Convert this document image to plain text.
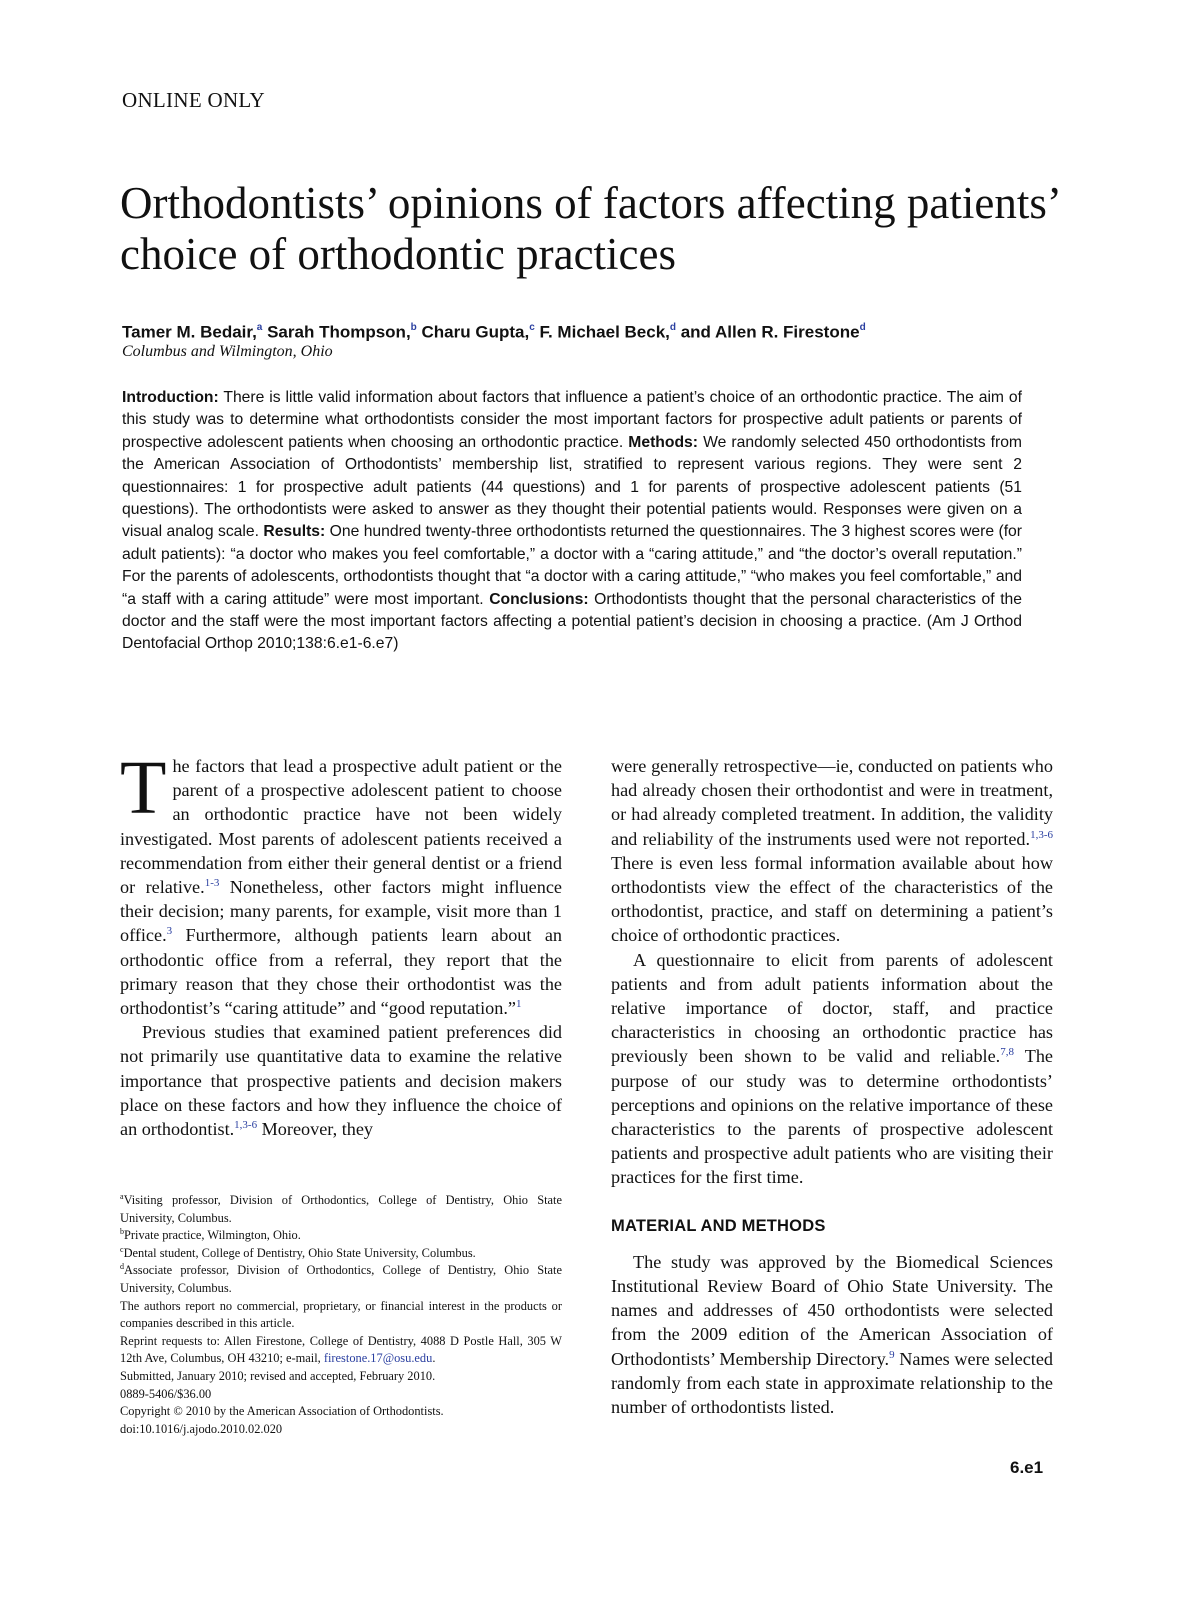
ONLINE ONLY
Orthodontists’ opinions of factors affecting patients’ choice of orthodontic practices
Tamer M. Bedair,$^a$ Sarah Thompson,$^b$ Charu Gupta,$^c$ F. Michael Beck,$^d$ and Allen R. Firestone$^d$
Columbus and Wilmington, Ohio

Introduction: There is little valid information about factors that influence a patient’s choice of an orthodontic practice. The aim of this study was to determine what orthodontists consider the most important factors for prospective adult patients or parents of prospective adolescent patients when choosing an orthodontic practice. Methods: We randomly selected 450 orthodontists from the American Association of Orthodontists’ membership list, stratified to represent various regions. They were sent 2 questionnaires: 1 for prospective adult patients (44 questions) and 1 for parents of prospective adolescent patients (51 questions). The orthodontists were asked to answer as they thought their potential patients would. Responses were given on a visual analog scale. Results: One hundred twenty-three orthodontists returned the questionnaires. The 3 highest scores were (for adult patients): “a doctor who makes you feel comfortable,” a doctor with a “caring attitude,” and “the doctor’s overall reputation.” For the parents of adolescents, orthodontists thought that “a doctor with a caring attitude,” “who makes you feel comfortable,” and “a staff with a caring attitude” were most important. Conclusions: Orthodontists thought that the personal characteristics of the doctor and the staff were the most important factors affecting a potential patient’s decision in choosing a practice. (Am J Orthod Dentofacial Orthop 2010;138:6.e1-6.e7)

The factors that lead a prospective adult patient or the parent of a prospective adolescent patient to choose an orthodontic practice have not been widely investigated. Most parents of adolescent patients received a recommendation from either their general dentist or a friend or relative.$^{1-3}$ Nonetheless, other factors might influence their decision; many parents, for example, visit more than 1 office.$^3$ Furthermore, although patients learn about an orthodontic office from a referral, they report that the primary reason that they chose their orthodontist was the orthodontist’s “caring attitude” and “good reputation.”$^1$

Previous studies that examined patient preferences did not primarily use quantitative data to examine the relative importance that prospective patients and decision makers place on these factors and how they influence the choice of an orthodontist.$^{1,3-6}$ Moreover, they

were generally retrospective—ie, conducted on patients who had already chosen their orthodontist and were in treatment, or had already completed treatment. In addition, the validity and reliability of the instruments used were not reported.$^{1,3-6}$ There is even less formal information available about how orthodontists view the effect of the characteristics of the orthodontist, practice, and staff on determining a patient’s choice of orthodontic practices.

A questionnaire to elicit from parents of adolescent patients and from adult patients information about the relative importance of doctor, staff, and practice characteristics in choosing an orthodontic practice has previously been shown to be valid and reliable.$^{7,8}$ The purpose of our study was to determine orthodontists’ perceptions and opinions on the relative importance of these characteristics to the parents of prospective adolescent patients and prospective adult patients who are visiting their practices for the first time.

MATERIAL AND METHODS

The study was approved by the Biomedical Sciences Institutional Review Board of Ohio State University. The names and addresses of 450 orthodontists were selected from the 2009 edition of the American Association of Orthodontists’ Membership Directory.$^9$ Names were selected randomly from each state in approximate relationship to the number of orthodontists listed.

$^a$Visiting professor, Division of Orthodontics, College of Dentistry, Ohio State University, Columbus.
$^b$Private practice, Wilmington, Ohio.
$^c$Dental student, College of Dentistry, Ohio State University, Columbus.
$^d$Associate professor, Division of Orthodontics, College of Dentistry, Ohio State University, Columbus.
The authors report no commercial, proprietary, or financial interest in the products or companies described in this article.
Reprint requests to: Allen Firestone, College of Dentistry, 4088 D Postle Hall, 305 W 12th Ave, Columbus, OH 43210; e-mail, firestone.17@osu.edu.
Submitted, January 2010; revised and accepted, February 2010.
0889-5406/$36.00
Copyright © 2010 by the American Association of Orthodontists.
doi:10.1016/j.ajodo.2010.02.020
6.e1
